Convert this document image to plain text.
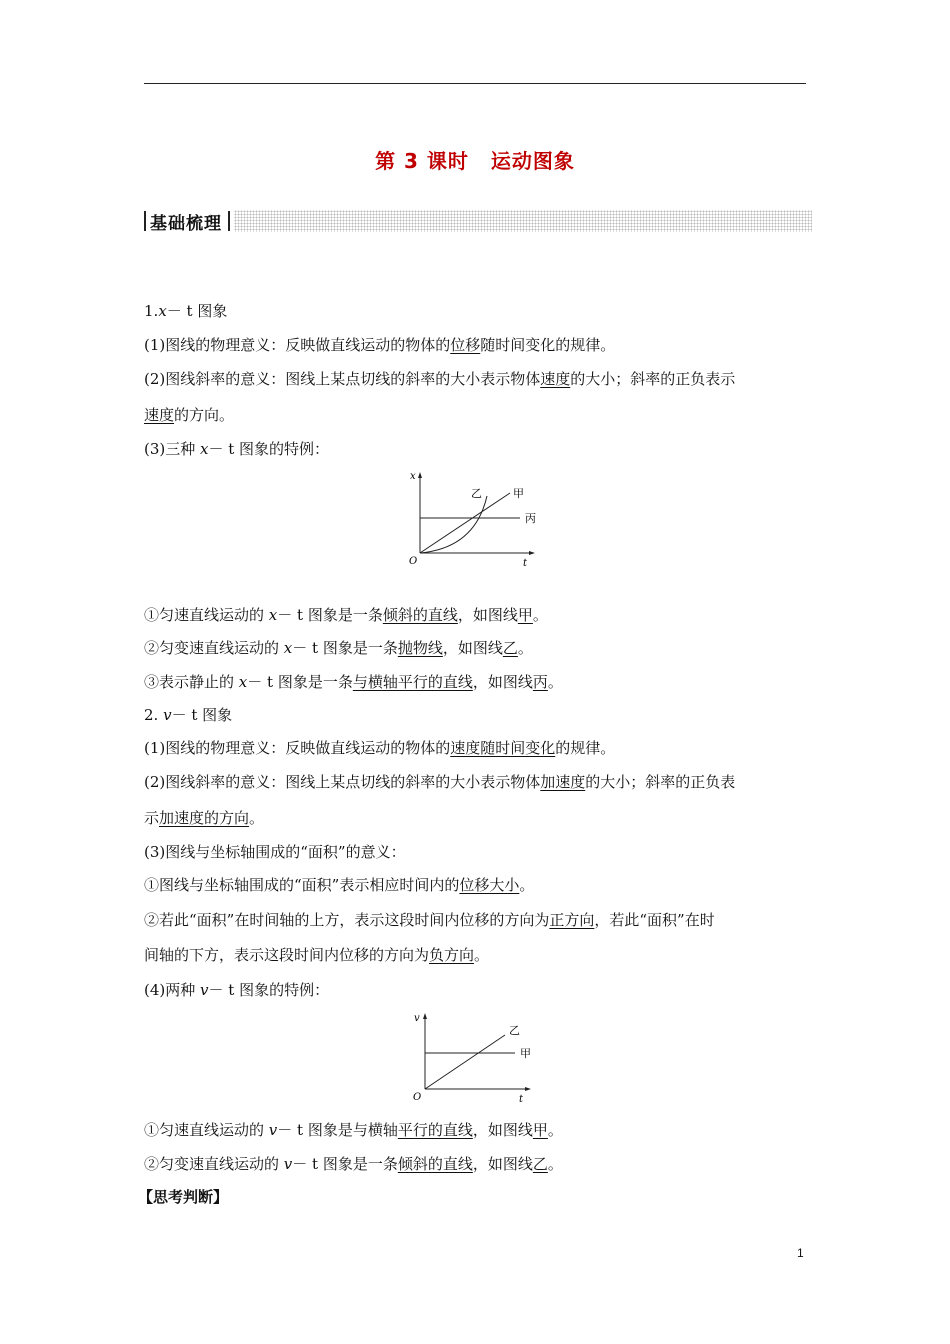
第 3 课时 运动图象
基础梳理
1.x－ t 图象
(1)图线的物理意义：反映做直线运动的物体的位移随时间变化的规律。
(2)图线斜率的意义：图线上某点切线的斜率的大小表示物体速度的大小；斜率的正负表示
速度的方向。
(3)三种 x－ t 图象的特例：
x
t
O
甲
乙
丙
①匀速直线运动的 x－ t 图象是一条倾斜的直线，如图线甲。
②匀变速直线运动的 x－ t 图象是一条抛物线，如图线乙。
③表示静止的 x－ t 图象是一条与横轴平行的直线，如图线丙。
2. v－ t 图象
(1)图线的物理意义：反映做直线运动的物体的速度随时间变化的规律。
(2)图线斜率的意义：图线上某点切线的斜率的大小表示物体加速度的大小；斜率的正负表
示加速度的方向。
(3)图线与坐标轴围成的“面积”的意义：
①图线与坐标轴围成的“面积”表示相应时间内的位移大小。
②若此“面积”在时间轴的上方，表示这段时间内位移的方向为正方向，若此“面积”在时
间轴的下方，表示这段时间内位移的方向为负方向。
(4)两种 v－ t 图象的特例：
v
t
O
乙
甲
①匀速直线运动的 v－ t 图象是与横轴平行的直线，如图线甲。
②匀变速直线运动的 v－ t 图象是一条倾斜的直线，如图线乙。
【思考判断】
1
